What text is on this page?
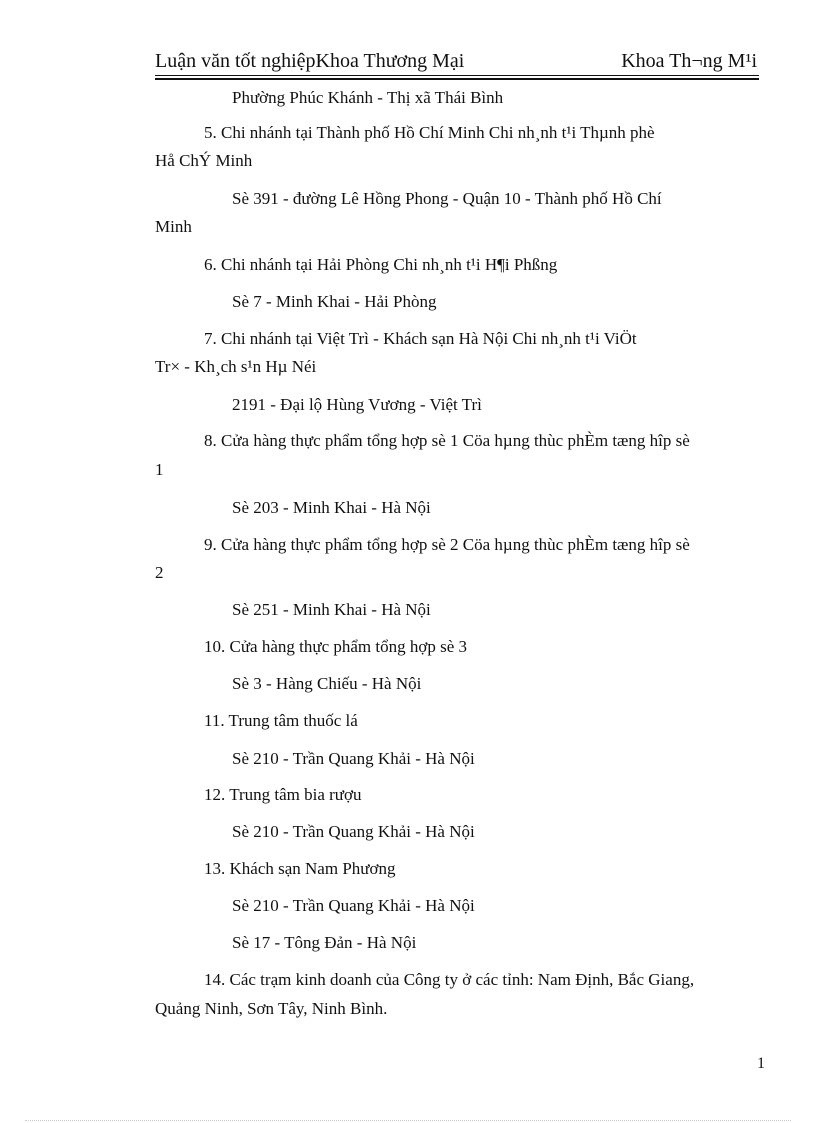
Luận văn tốt nghiệpKhoa Thương Mại	Khoa Th¬ng M¹i
Phường Phúc Khánh - Thị xã Thái Bình
5. Chi nhánh tại Thành phố Hồ Chí Minh Chi nh¸nh t¹i Thµnh phè
Hå ChÝ Minh
Sè 391 - đường Lê Hồng Phong - Quận 10 - Thành phố Hồ Chí
Minh
6. Chi nhánh tại Hải Phòng Chi nh¸nh t¹i H¶i Phßng
Sè 7 - Minh Khai - Hải Phòng
7. Chi nhánh tại Việt Trì - Khách sạn Hà Nội Chi nh¸nh t¹i ViÖt
Tr× - Kh¸ch s¹n Hµ Néi
2191 - Đại lộ Hùng Vương - Việt Trì
8. Cửa hàng thực phẩm tổng hợp sè 1 Cöa hµng thùc phÈm tæng hîp sè
1
Sè 203 - Minh Khai - Hà Nội
9. Cửa hàng thực phẩm tổng hợp sè 2 Cöa hµng thùc phÈm tæng hîp sè
2
Sè 251 - Minh Khai - Hà Nội
10. Cửa hàng thực phẩm tổng hợp sè 3
Sè 3 - Hàng Chiếu - Hà Nội
11. Trung tâm thuốc lá
Sè 210 - Trần Quang Khải - Hà Nội
12. Trung tâm bia rượu
Sè 210 - Trần Quang Khải - Hà Nội
13. Khách sạn Nam Phương
Sè 210 - Trần Quang Khải - Hà Nội
Sè 17 - Tông Đản - Hà Nội
14. Các trạm kinh doanh của Công ty ở các tỉnh: Nam Định, Bắc Giang,
Quảng Ninh, Sơn Tây, Ninh Bình.
1
